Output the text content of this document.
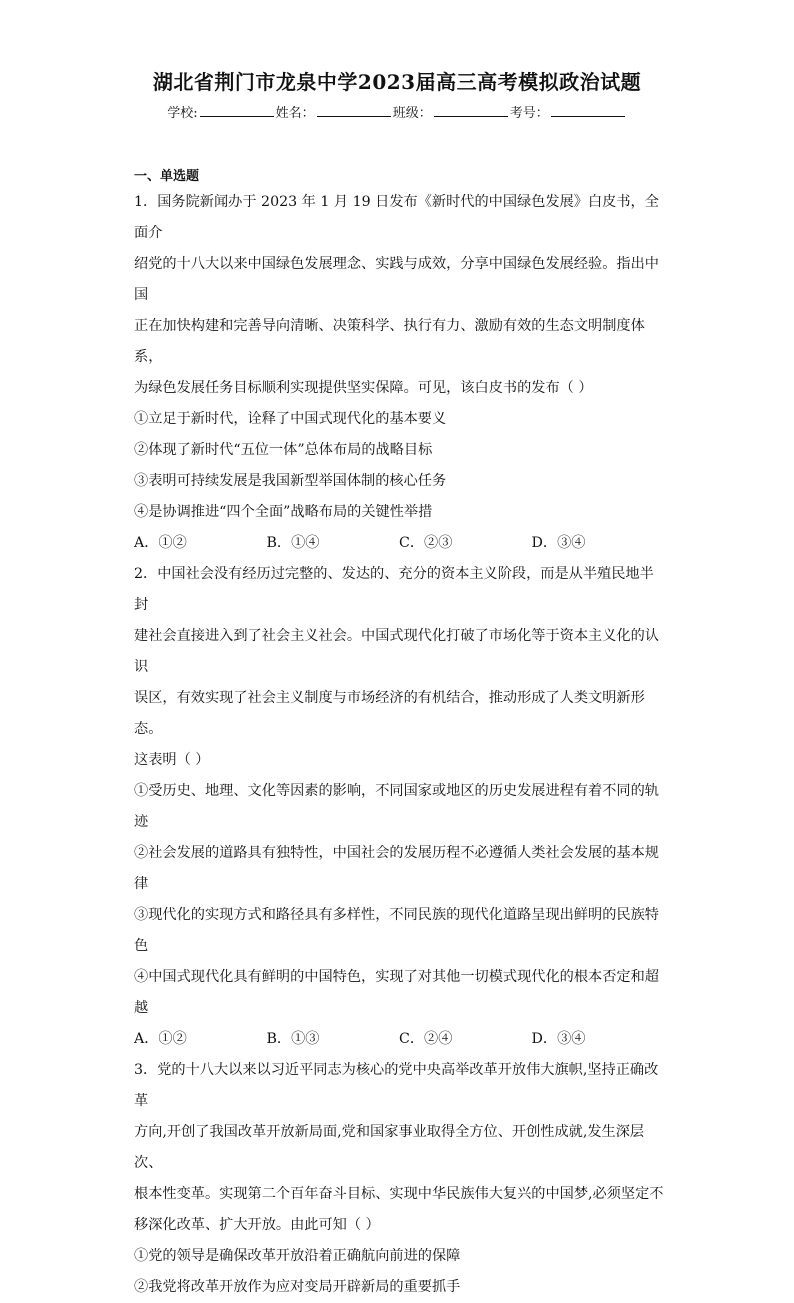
湖北省荆门市龙泉中学2023届高三高考模拟政治试题
学校:	姓名：	班级：	考号：
一、单选题

1．国务院新闻办于 2023 年 1 月 19 日发布《新时代的中国绿色发展》白皮书，全面介

绍党的十八大以来中国绿色发展理念、实践与成效，分享中国绿色发展经验。指出中国

正在加快构建和完善导向清晰、决策科学、执行有力、激励有效的生态文明制度体系，

为绿色发展任务目标顺利实现提供坚实保障。可见，该白皮书的发布（ ）

①立足于新时代，诠释了中国式现代化的基本要义

②体现了新时代“五位一体”总体布局的战略目标

③表明可持续发展是我国新型举国体制的核心任务

④是协调推进“四个全面”战略布局的关键性举措

A．①②	B．①④	C．②③	D．③④

2．中国社会没有经历过完整的、发达的、充分的资本主义阶段，而是从半殖民地半封

建社会直接进入到了社会主义社会。中国式现代化打破了市场化等于资本主义化的认识

误区，有效实现了社会主义制度与市场经济的有机结合，推动形成了人类文明新形态。

这表明（ ）

①受历史、地理、文化等因素的影响，不同国家或地区的历史发展进程有着不同的轨

迹

②社会发展的道路具有独特性，中国社会的发展历程不必遵循人类社会发展的基本规

律

③现代化的实现方式和路径具有多样性，不同民族的现代化道路呈现出鲜明的民族特

色

④中国式现代化具有鲜明的中国特色，实现了对其他一切模式现代化的根本否定和超

越

A．①②	B．①③	C．②④	D．③④

3．党的十八大以来以习近平同志为核心的党中央高举改革开放伟大旗帜,坚持正确改革

方向,开创了我国改革开放新局面,党和国家事业取得全方位、开创性成就,发生深层次、

根本性变革。实现第二个百年奋斗目标、实现中华民族伟大复兴的中国梦,必须坚定不

移深化改革、扩大开放。由此可知（ ）

①党的领导是确保改革开放沿着正确航向前进的保障

②我党将改革开放作为应对变局开辟新局的重要抓手
